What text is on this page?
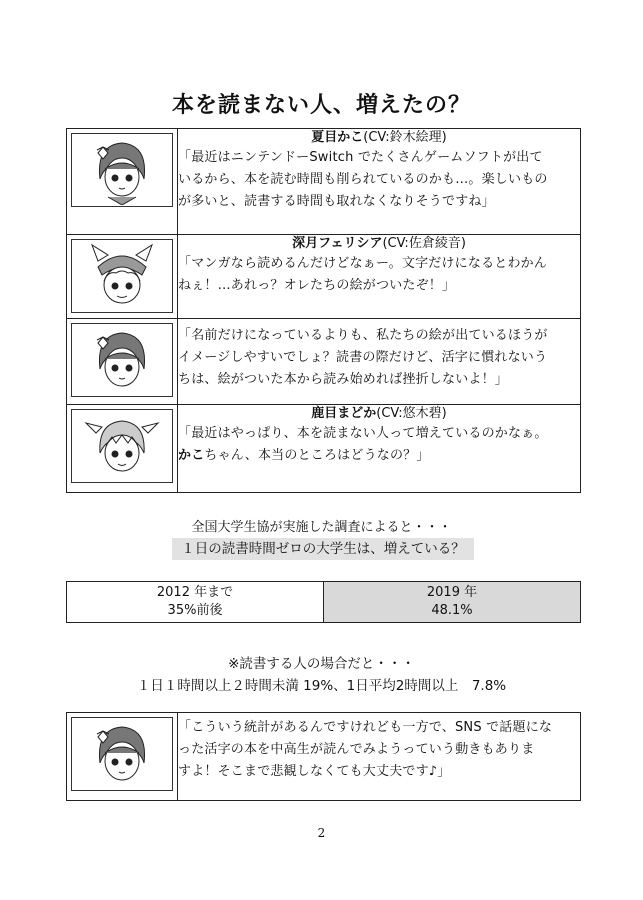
本を読まない人、増えたの？

夏目かこ(CV:鈴木絵理)
「最近はニンテンドーSwitch でたくさんゲームソフトが出て
いるから、本を読む時間も削られているのかも…。楽しいもの
が多いと、読書する時間も取れなくなりそうですね」

深月フェリシア(CV:佐倉綾音)
「マンガなら読めるんだけどなぁー。文字だけになるとわかん
ねぇ！…あれっ？オレたちの絵がついたぞ！」

「名前だけになっているよりも、私たちの絵が出ているほうが
イメージしやすいでしょ？読書の際だけど、活字に慣れないう
ちは、絵がついた本から読み始めれば挫折しないよ！」

鹿目まどか(CV:悠木碧)
「最近はやっぱり、本を読まない人って増えているのかなぁ。
かこちゃん、本当のところはどうなの？」
全国大学生協が実施した調査によると・・・
１日の読書時間ゼロの大学生は、増えている？
2012 年まで
35%前後

2019 年
48.1%
※読書する人の場合だと・・・
１日１時間以上２時間未満 19%、1日平均2時間以上　7.8%

「こういう統計があるんですけれども一方で、SNS で話題にな
った活字の本を中高生が読んでみようっていう動きもありま
すよ！そこまで悲観しなくても大丈夫です♪」
2
